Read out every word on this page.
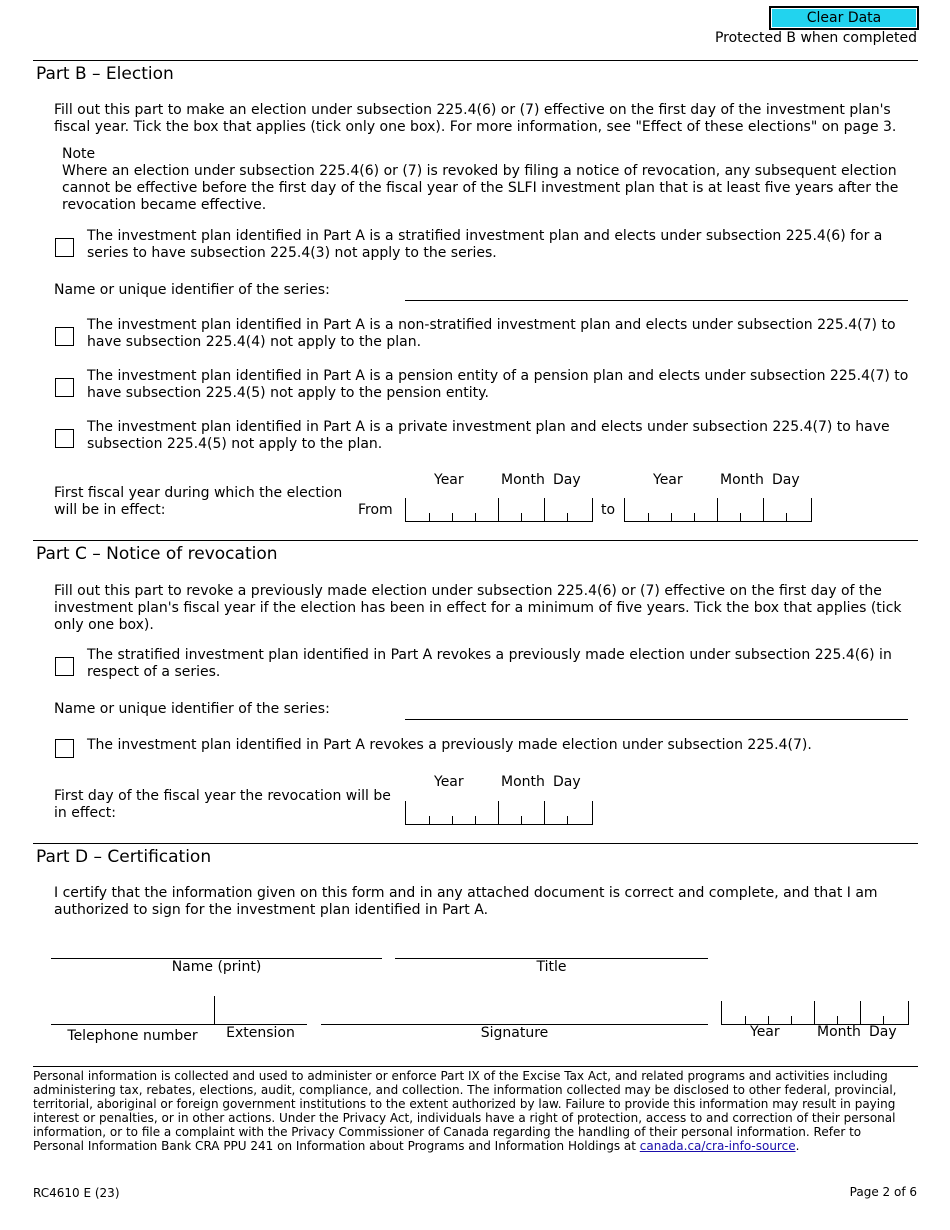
Clear Data
Protected B when completed
Part B – Election
Fill out this part to make an election under subsection 225.4(6) or (7) effective on the first day of the investment plan's fiscal year. Tick the box that applies (tick only one box). For more information, see "Effect of these elections" on page 3.
Note
Where an election under subsection 225.4(6) or (7) is revoked by filing a notice of revocation, any subsequent election cannot be effective before the first day of the fiscal year of the SLFI investment plan that is at least five years after the revocation became effective.
The investment plan identified in Part A is a stratified investment plan and elects under subsection 225.4(6) for a series to have subsection 225.4(3) not apply to the series.
Name or unique identifier of the series:
The investment plan identified in Part A is a non-stratified investment plan and elects under subsection 225.4(7) to have subsection 225.4(4) not apply to the plan.
The investment plan identified in Part A is a pension entity of a pension plan and elects under subsection 225.4(7) to have subsection 225.4(5) not apply to the pension entity.
The investment plan identified in Part A is a private investment plan and elects under subsection 225.4(7) to have subsection 225.4(5) not apply to the plan.
Year	Month Day	Year	Month Day
First fiscal year during which the election will be in effect:	From	to
Part C – Notice of revocation
Fill out this part to revoke a previously made election under subsection 225.4(6) or (7) effective on the first day of the investment plan's fiscal year if the election has been in effect for a minimum of five years. Tick the box that applies (tick only one box).
The stratified investment plan identified in Part A revokes a previously made election under subsection 225.4(6) in respect of a series.
Name or unique identifier of the series:
The investment plan identified in Part A revokes a previously made election under subsection 225.4(7).
Year	Month Day
First day of the fiscal year the revocation will be in effect:
Part D – Certification
I certify that the information given on this form and in any attached document is correct and complete, and that I am authorized to sign for the investment plan identified in Part A.
Name (print)	Title
Telephone number	Extension	Signature	Year	Month Day
Personal information is collected and used to administer or enforce Part IX of the Excise Tax Act, and related programs and activities including administering tax, rebates, elections, audit, compliance, and collection. The information collected may be disclosed to other federal, provincial, territorial, aboriginal or foreign government institutions to the extent authorized by law. Failure to provide this information may result in paying interest or penalties, or in other actions. Under the Privacy Act, individuals have a right of protection, access to and correction of their personal information, or to file a complaint with the Privacy Commissioner of Canada regarding the handling of their personal information. Refer to Personal Information Bank CRA PPU 241 on Information about Programs and Information Holdings at canada.ca/cra-info-source.
RC4610 E (23)	Page 2 of 6
